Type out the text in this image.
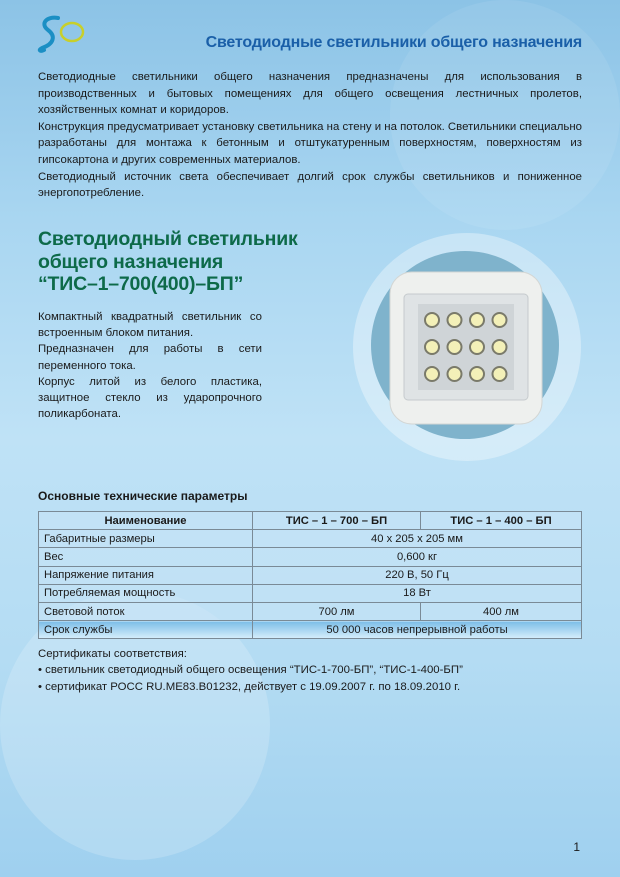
Светодиодные светильники общего назначения

Светодиодные светильники общего назначения предназначены для использования в производственных и бытовых помещениях для общего освещения лестничных пролетов, хозяйственных комнат и коридоров.

Конструкция предусматривает установку светильника на стену и на потолок. Светильники специально разработаны для монтажа к бетонным и отштукатуренным поверхностям, поверхностям из гипсокартона и других современных материалов.

Светодиодный источник света обеспечивает долгий срок службы светильников и пониженное энергопотребление.

Светодиодный светильник
общего назначения
“ТИС–1–700(400)–БП”

Компактный квадратный светильник со встроенным блоком питания.

Предназначен для работы в сети переменного тока.

Корпус литой из белого пластика, защитное стекло из ударопрочного поликарбоната.

Основные технические параметры
Наименование	ТИС – 1 – 700 – БП	ТИС – 1 – 400 – БП
Габаритные размеры	40 х 205 х 205 мм	
Вес	0,600 кг	
Напряжение питания	220 В, 50 Гц	
Потребляемая мощность	18 Вт	
Световой поток	700 лм	400 лм
Срок службы	50 000 часов непрерывной работы	
Сертификаты соответствия:
• светильник светодиодный общего освещения “ТИС-1-700-БП”, “ТИС-1-400-БП”
• сертификат РОСС RU.ME83.B01232, действует с 19.09.2007 г. по 18.09.2010 г.
1
